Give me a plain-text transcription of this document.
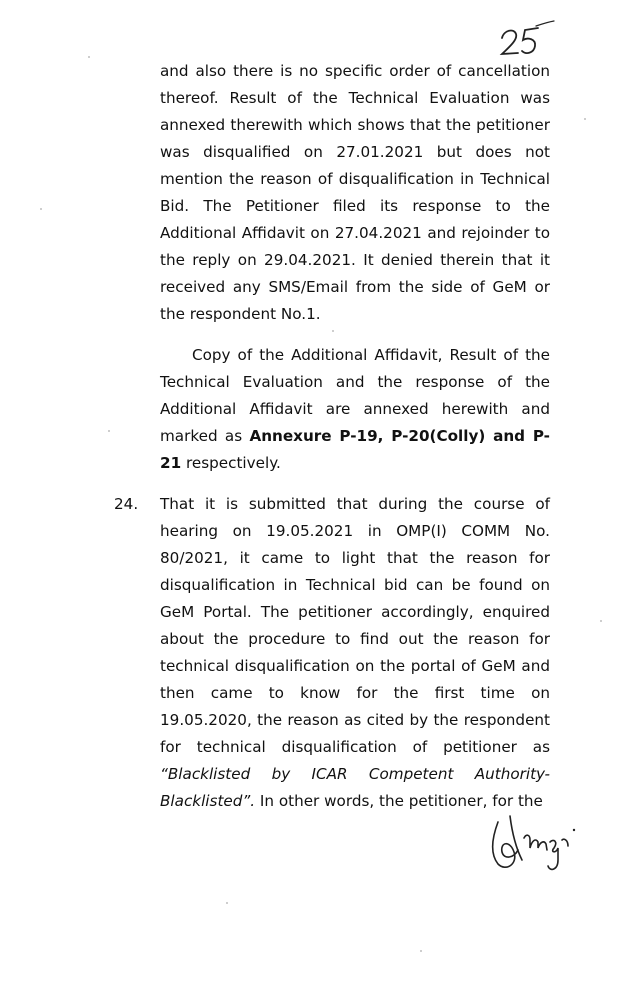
and also there is no specific order of cancellation thereof. Result of the Technical Evaluation was annexed therewith which shows that the petitioner was disqualified on 27.01.2021 but does not mention the reason of disqualification in Technical Bid. The Petitioner filed its response to the Additional Affidavit on 27.04.2021 and rejoinder to the reply on 29.04.2021. It denied therein that it received any SMS/Email from the side of GeM or the respondent No.1.

Copy of the Additional Affidavit, Result of the Technical Evaluation and the response of the Additional Affidavit are annexed herewith and marked as Annexure P-19, P-20(Colly) and P-21 respectively.

24. That it is submitted that during the course of hearing on 19.05.2021 in OMP(I) COMM No. 80/2021, it came to light that the reason for disqualification in Technical bid can be found on GeM Portal. The petitioner accordingly, enquired about the procedure to find out the reason for technical disqualification on the portal of GeM and then came to know for the first time on 19.05.2020, the reason as cited by the respondent for technical disqualification of petitioner as “Blacklisted by ICAR Competent Authority-Blacklisted”. In other words, the petitioner, for the
